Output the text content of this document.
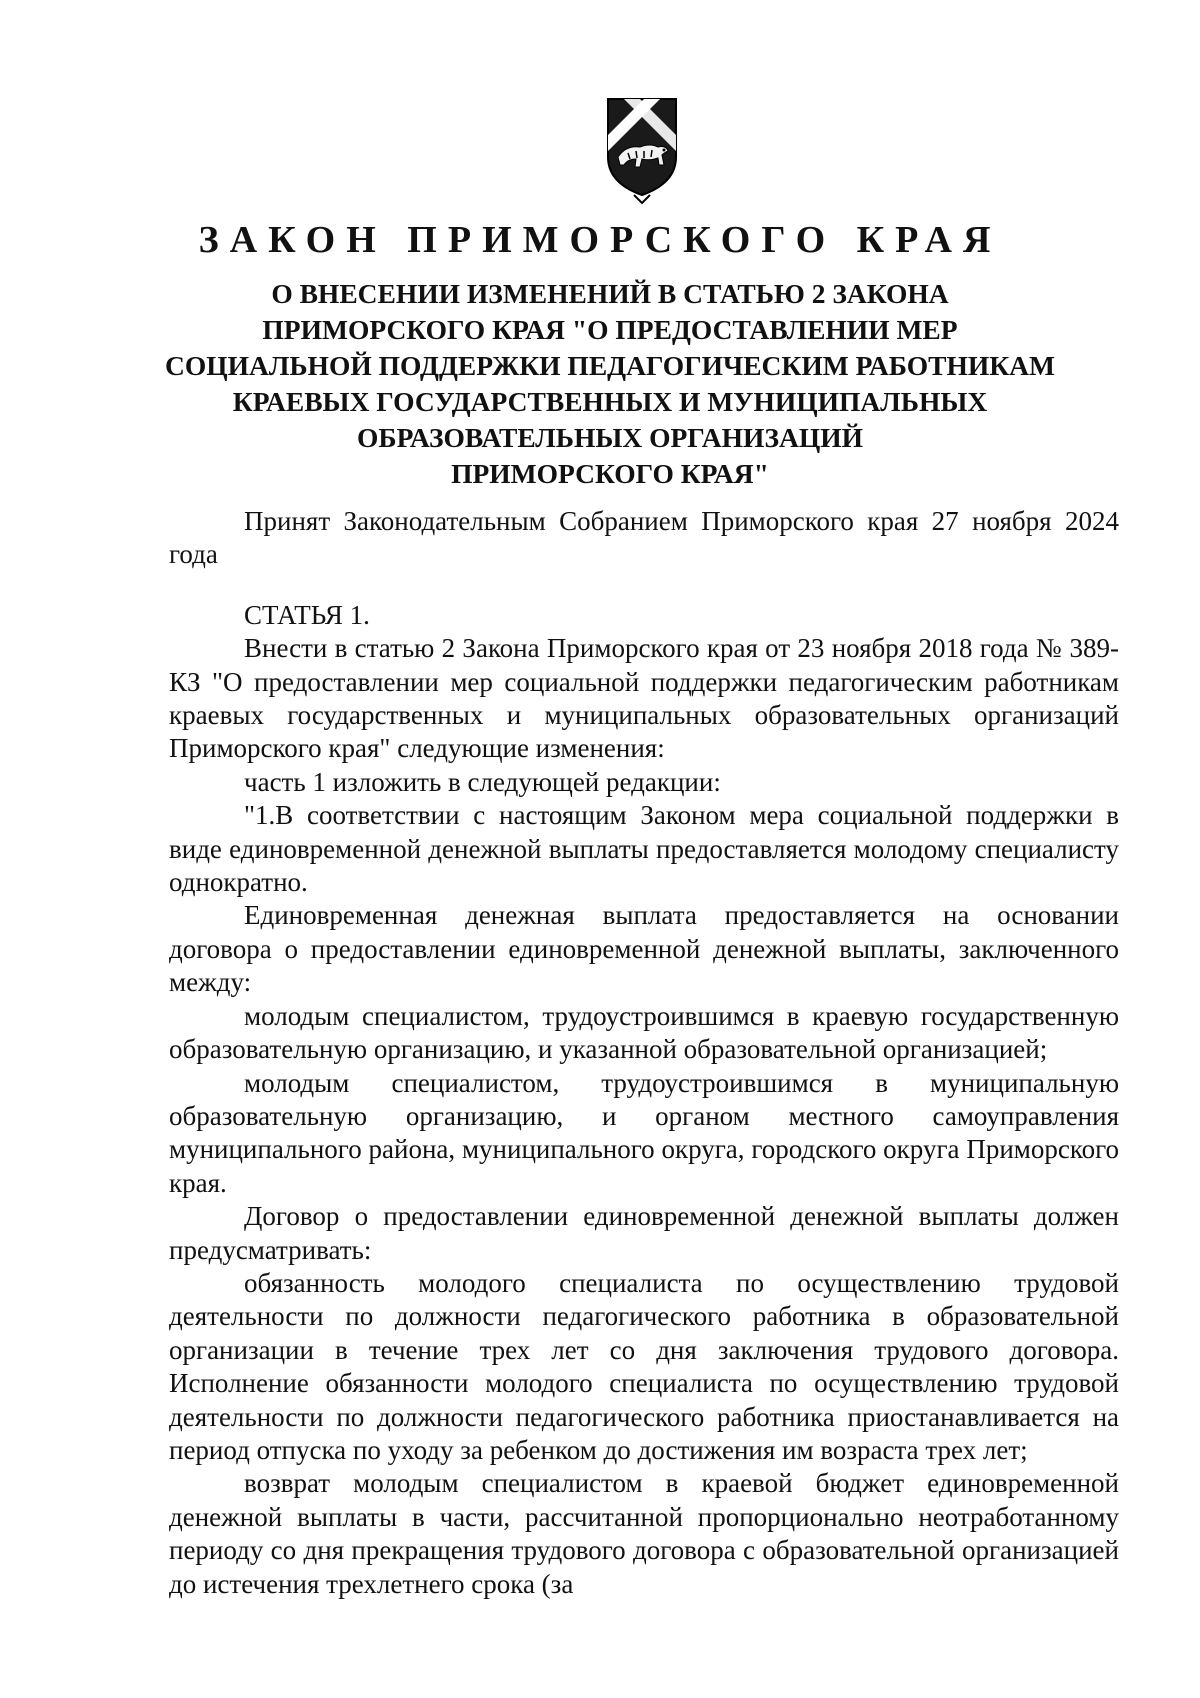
ЗАКОН ПРИМОРСКОГО КРАЯ
О ВНЕСЕНИИ ИЗМЕНЕНИЙ В СТАТЬЮ 2 ЗАКОНА
ПРИМОРСКОГО КРАЯ "О ПРЕДОСТАВЛЕНИИ МЕР
СОЦИАЛЬНОЙ ПОДДЕРЖКИ ПЕДАГОГИЧЕСКИМ РАБОТНИКАМ
КРАЕВЫХ ГОСУДАРСТВЕННЫХ И МУНИЦИПАЛЬНЫХ
ОБРАЗОВАТЕЛЬНЫХ ОРГАНИЗАЦИЙ
ПРИМОРСКОГО КРАЯ"

Принят Законодательным Собранием Приморского края 27 ноября 2024 года

СТАТЬЯ 1.

Внести в статью 2 Закона Приморского края от 23 ноября 2018 года № 389-КЗ "О предоставлении мер социальной поддержки педагогическим работникам краевых государственных и муниципальных образовательных организаций Приморского края" следующие изменения:

часть 1 изложить в следующей редакции:

"1.В соответствии с настоящим Законом мера социальной поддержки в виде единовременной денежной выплаты предоставляется молодому специалисту однократно.

Единовременная денежная выплата предоставляется на основании договора о предоставлении единовременной денежной выплаты, заключенного между:

молодым специалистом, трудоустроившимся в краевую государственную образовательную организацию, и указанной образовательной организацией;

молодым специалистом, трудоустроившимся в муниципальную образовательную организацию, и органом местного самоуправления муниципального района, муниципального округа, городского округа Приморского края.

Договор о предоставлении единовременной денежной выплаты должен предусматривать:

обязанность молодого специалиста по осуществлению трудовой деятельности по должности педагогического работника в образовательной организации в течение трех лет со дня заключения трудового договора. Исполнение обязанности молодого специалиста по осуществлению трудовой деятельности по должности педагогического работника приостанавливается на период отпуска по уходу за ребенком до достижения им возраста трех лет;

возврат молодым специалистом в краевой бюджет единовременной денежной выплаты в части, рассчитанной пропорционально неотработанному периоду со дня прекращения трудового договора с образовательной организацией до истечения трехлетнего срока (за
